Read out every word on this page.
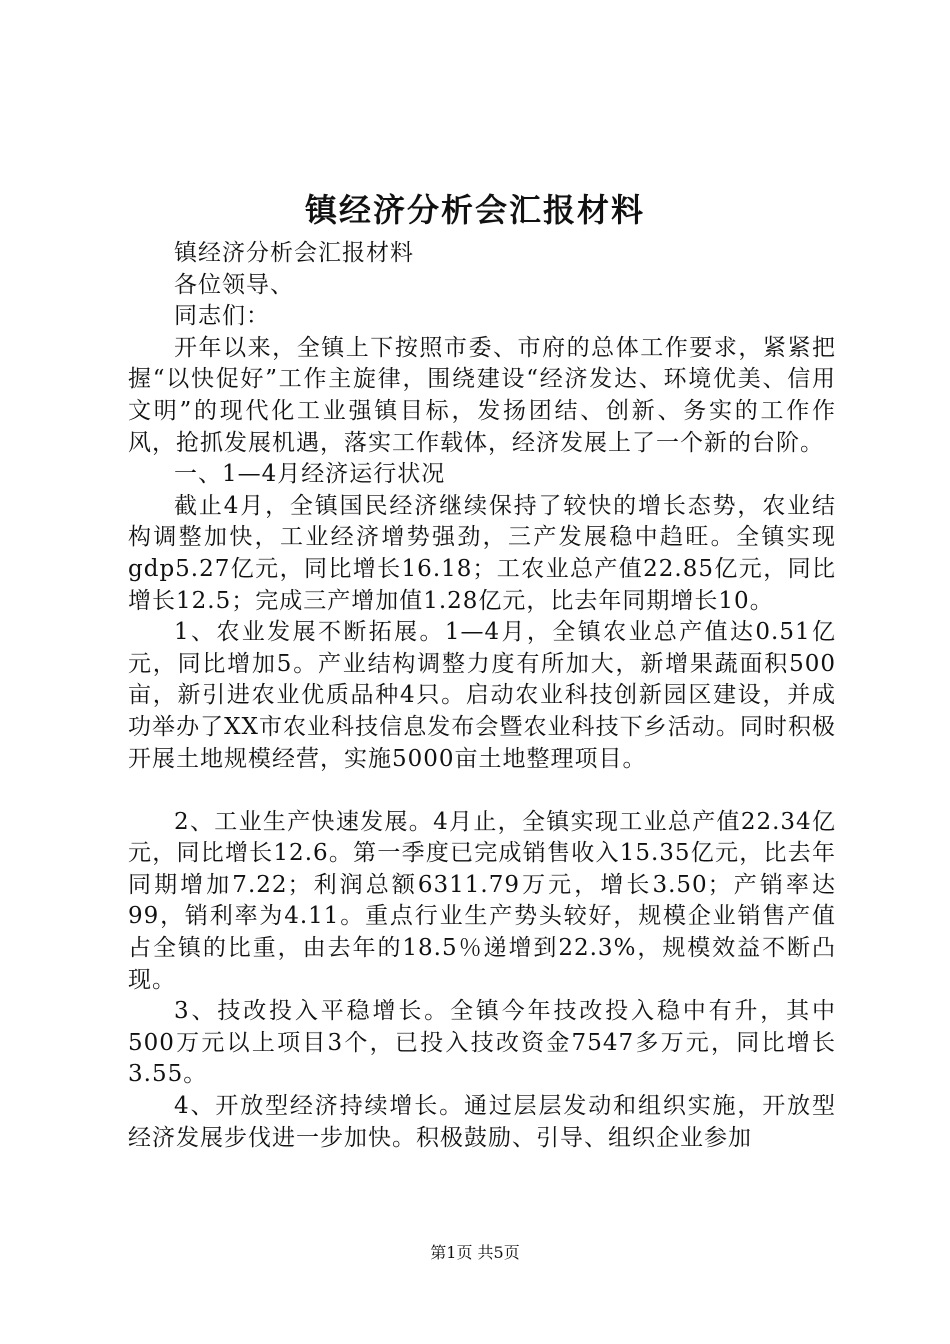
镇经济分析会汇报材料

镇经济分析会汇报材料

各位领导、

同志们：

开年以来，全镇上下按照市委、市府的总体工作要求，紧紧把握“以快促好”工作主旋律，围绕建设“经济发达、环境优美、信用文明”的现代化工业强镇目标，发扬团结、创新、务实的工作作风，抢抓发展机遇，落实工作载体，经济发展上了一个新的台阶。

一、1—4月经济运行状况

截止4月，全镇国民经济继续保持了较快的增长态势，农业结构调整加快，工业经济增势强劲，三产发展稳中趋旺。全镇实现gdp5.27亿元，同比增长16.18；工农业总产值22.85亿元，同比增长12.5；完成三产增加值1.28亿元，比去年同期增长10。

1、农业发展不断拓展。1—4月，全镇农业总产值达0.51亿元，同比增加5。产业结构调整力度有所加大，新增果蔬面积500亩，新引进农业优质品种4只。启动农业科技创新园区建设，并成功举办了XX市农业科技信息发布会暨农业科技下乡活动。同时积极开展土地规模经营，实施5000亩土地整理项目。

2、工业生产快速发展。4月止，全镇实现工业总产值22.34亿元，同比增长12.6。第一季度已完成销售收入15.35亿元，比去年同期增加7.22；利润总额6311.79万元，增长3.50；产销率达99，销利率为4.11。重点行业生产势头较好，规模企业销售产值占全镇的比重，由去年的18.5％递增到22.3%，规模效益不断凸现。

3、技改投入平稳增长。全镇今年技改投入稳中有升，其中500万元以上项目3个，已投入技改资金7547多万元，同比增长3.55。

4、开放型经济持续增长。通过层层发动和组织实施，开放型经济发展步伐进一步加快。积极鼓励、引导、组织企业参加

第1页 共5页
